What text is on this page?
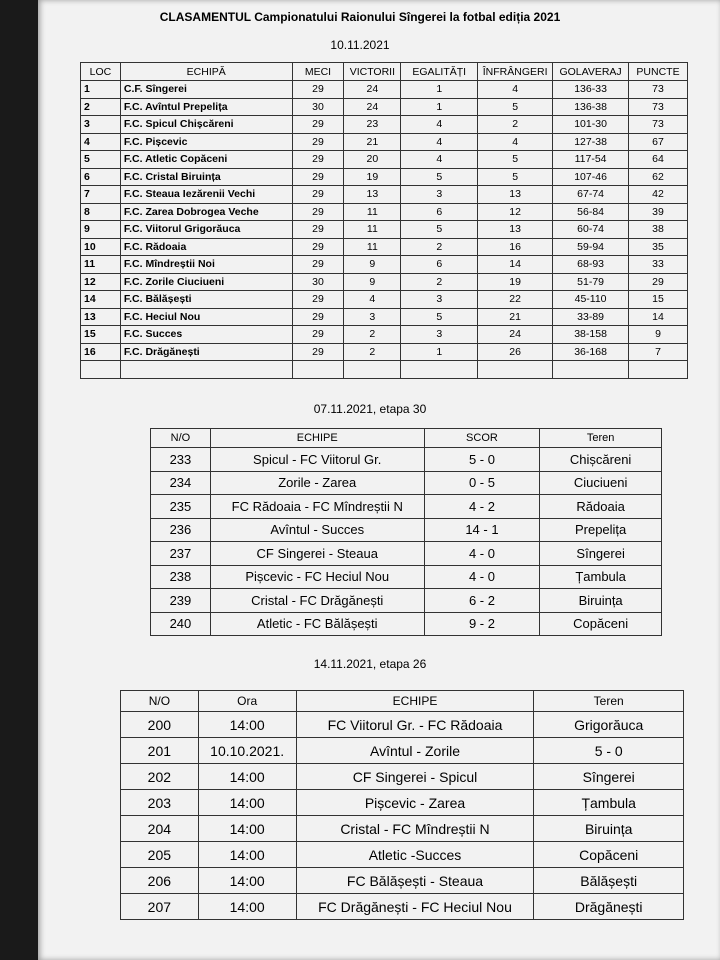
CLASAMENTUL Campionatului Raionului Sîngerei la fotbal ediția 2021
10.11.2021
LOC	ECHIPĂ	MECI	VICTORII	EGALITĂȚI	ÎNFRÂNGERI	GOLAVERAJ	PUNCTE
1	C.F. Sîngerei	29	24	1	4	136-33	73
2	F.C. Avîntul Prepelița	30	24	1	5	136-38	73
3	F.C. Spicul Chișcăreni	29	23	4	2	101-30	73
4	F.C. Pișcevic	29	21	4	4	127-38	67
5	F.C. Atletic Copăceni	29	20	4	5	117-54	64
6	F.C. Cristal Biruința	29	19	5	5	107-46	62
7	F.C. Steaua Iezărenii Vechi	29	13	3	13	67-74	42
8	F.C. Zarea Dobrogea Veche	29	11	6	12	56-84	39
9	F.C. Viitorul Grigorăuca	29	11	5	13	60-74	38
10	F.C. Rădoaia	29	11	2	16	59-94	35
11	F.C. Mîndreștii Noi	29	9	6	14	68-93	33
12	F.C. Zorile Ciuciueni	30	9	2	19	51-79	29
14	F.C. Bălășești	29	4	3	22	45-110	15
13	F.C. Heciul Nou	29	3	5	21	33-89	14
15	F.C. Succes	29	2	3	24	38-158	9
16	F.C. Drăgănești	29	2	1	26	36-168	7

07.11.2021, etapa 30
N/O	ECHIPE	SCOR	Teren
233	Spicul - FC Viitorul Gr.	5 - 0	Chișcăreni
234	Zorile - Zarea	0 - 5	Ciuciueni
235	FC Rădoaia - FC Mîndreștii N	4 - 2	Rădoaia
236	Avîntul - Succes	14 - 1	Prepelița
237	CF Singerei - Steaua	4 - 0	Sîngerei
238	Pișcevic - FC Heciul Nou	4 - 0	Țambula
239	Cristal - FC Drăgănești	6 - 2	Biruința
240	Atletic - FC Bălășești	9 - 2	Copăceni
14.11.2021, etapa 26
N/O	Ora	ECHIPE	Teren
200	14:00	FC Viitorul Gr. - FC Rădoaia	Grigorăuca
201	10.10.2021.	Avîntul - Zorile	5 - 0
202	14:00	CF Singerei - Spicul	Sîngerei
203	14:00	Pișcevic - Zarea	Țambula
204	14:00	Cristal - FC Mîndreștii N	Biruința
205	14:00	Atletic -Succes	Copăceni
206	14:00	FC Bălășești - Steaua	Bălășești
207	14:00	FC Drăgănești - FC Heciul Nou	Drăgănești
